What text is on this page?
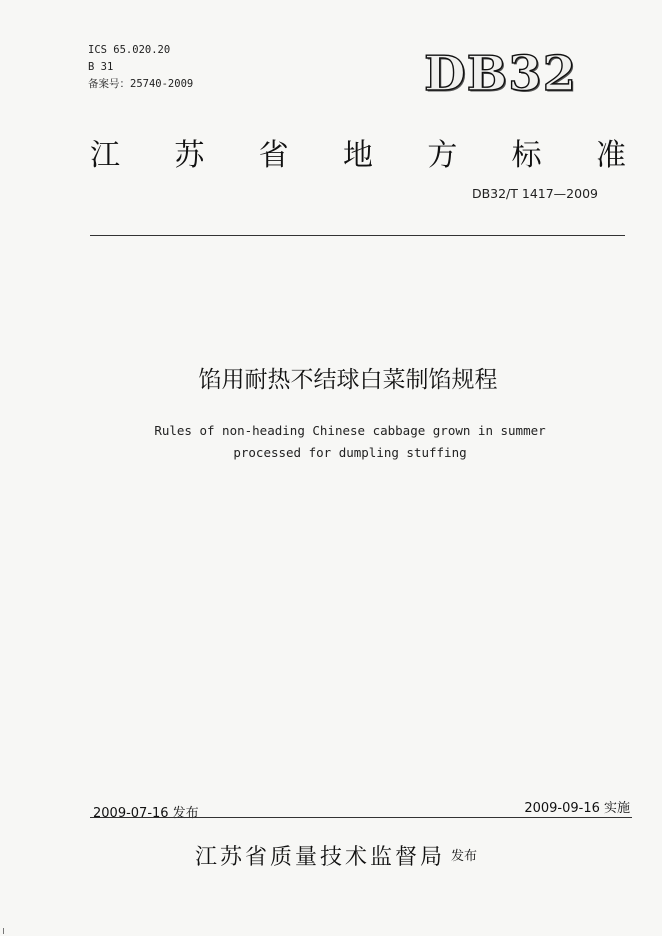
ICS 65.020.20
B 31
备案号：25740-2009	DB32
江 苏 省 地 方 标 准
DB32/T 1417—2009
馅用耐热不结球白菜制馅规程
Rules of non-heading Chinese cabbage grown in summer
processed for dumpling stuffing
2009-07-16 发布	2009-09-16 实施
江苏省质量技术监督局 $^{发布}$
